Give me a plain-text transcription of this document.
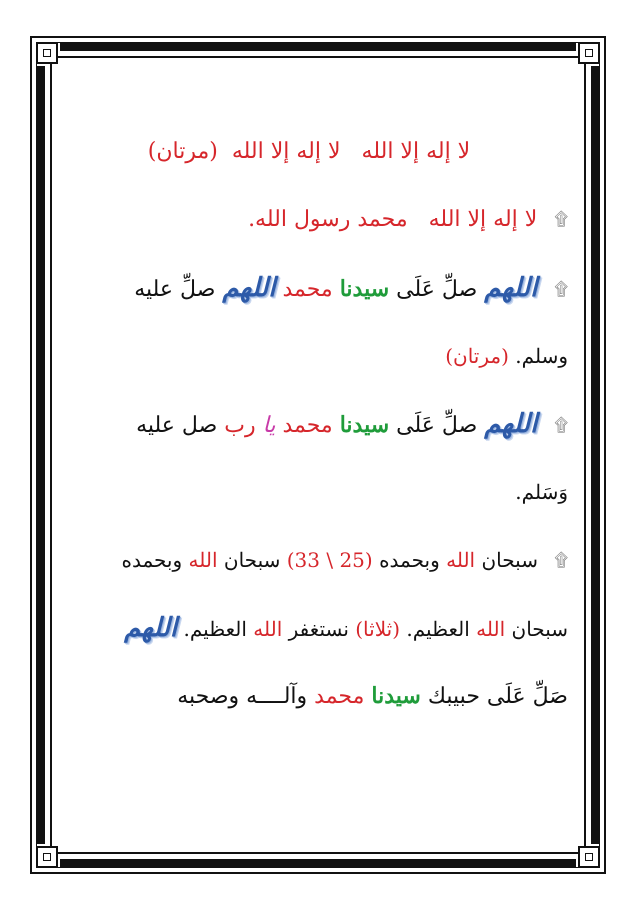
لا إله إلا الله   لا إله إلا الله  (مرتان)
۩ لا إله إلا الله   محمد رسول الله.
۩ اللهم صلِّ عَلَى سيدنا محمد اللهم صلِّ عليه
وسلم. (مرتان)
۩ اللهم صلِّ عَلَى سيدنا محمد يا رب صل عليه
وَسَلم.
۩ سبحان الله وبحمده (25 \ 33) سبحان الله وبحمده
سبحان الله العظيم. (ثلاثا) نستغفر الله العظيم. اللهم
صَلِّ عَلَى حبيبك سيدنا محمد وآلــــه وصحبه
